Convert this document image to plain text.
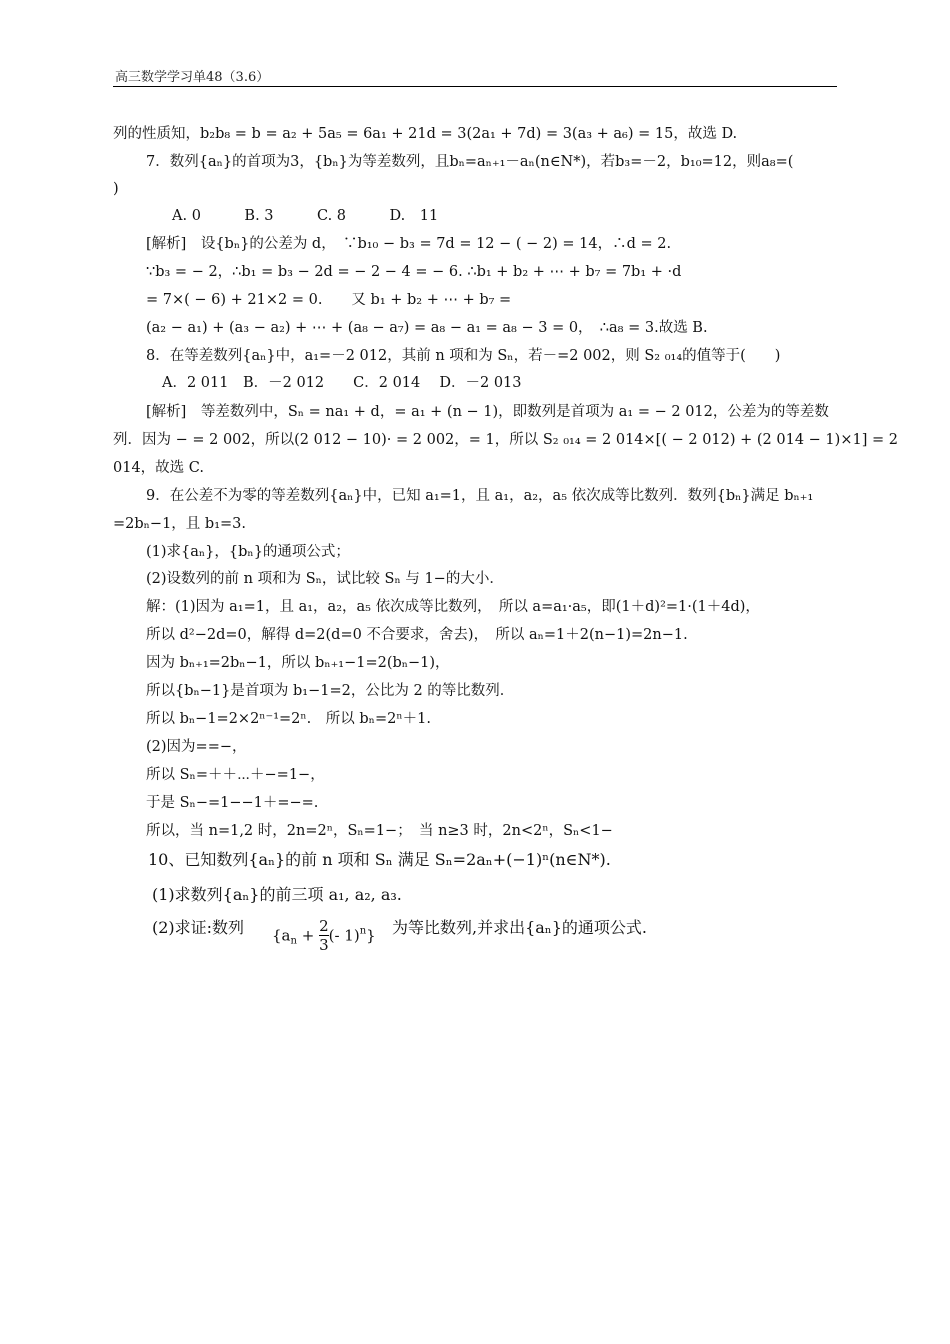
高三数学学习单48（3.6）
列的性质知，b₂b₈ = b = a₂ + 5a₅ = 6a₁ + 21d = 3(2a₁ + 7d) = 3(a₃ + a₆) = 15，故选 D.
7．数列{aₙ}的首项为3，{bₙ}为等差数列，且bₙ=aₙ₊₁－aₙ(n∈N*)，若b₃=－2，b₁₀=12，则a₈=(
)
A. 0　　　B. 3　　　C. 8　　　D.　11
[解析]　设{bₙ}的公差为 d，　∵b₁₀ − b₃ = 7d = 12 − ( − 2) = 14，∴d = 2.
∵b₃ = − 2，∴b₁ = b₃ − 2d = − 2 − 4 = − 6. ∴b₁ + b₂ + ⋯ + b₇ = 7b₁ + ·d
= 7×( − 6) + 21×2 = 0.　　又 b₁ + b₂ + ⋯ + b₇ =
(a₂ − a₁) + (a₃ − a₂) + ⋯ + (a₈ − a₇) = a₈ − a₁ = a₈ − 3 = 0，　∴a₈ = 3.故选 B.
8．在等差数列{aₙ}中，a₁=－2 012，其前 n 项和为 Sₙ，若－=2 002，则 S₂ ₀₁₄的值等于(　　)
A．2 011　B．－2 012　　C．2 014　 D．－2 013
[解析]　等差数列中，Sₙ = na₁ + d，= a₁ + (n − 1)，即数列是首项为 a₁ = − 2 012，公差为的等差数
列．因为 − = 2 002，所以(2 012 − 10)· = 2 002，= 1，所以 S₂ ₀₁₄ = 2 014×[( − 2 012) + (2 014 − 1)×1] = 2
014，故选 C.
9．在公差不为零的等差数列{aₙ}中，已知 a₁=1，且 a₁，a₂，a₅ 依次成等比数列．数列{bₙ}满足 bₙ₊₁
=2bₙ−1，且 b₁=3.
(1)求{aₙ}，{bₙ}的通项公式；
(2)设数列的前 n 项和为 Sₙ，试比较 Sₙ 与 1−的大小．
解：(1)因为 a₁=1，且 a₁，a₂，a₅ 依次成等比数列，　所以 a=a₁·a₅，即(1＋d)²=1·(1＋4d)，
所以 d²−2d=0，解得 d=2(d=0 不合要求，舍去)，　所以 aₙ=1＋2(n−1)=2n−1.
因为 bₙ₊₁=2bₙ−1，所以 bₙ₊₁−1=2(bₙ−1)，
所以{bₙ−1}是首项为 b₁−1=2，公比为 2 的等比数列．
所以 bₙ−1=2×2ⁿ⁻¹=2ⁿ.　所以 bₙ=2ⁿ＋1.
(2)因为==−，
所以 Sₙ=＋＋⋯＋−=1−，
于是 Sₙ−=1−−1＋=−=.
所以，当 n=1,2 时，2n=2ⁿ，Sₙ=1−；　当 n≥3 时，2n<2ⁿ，Sₙ<1−
10、已知数列{aₙ}的前 n 项和 Sₙ 满足 Sₙ=2aₙ+(−1)ⁿ(n∈N*).
(1)求数列{aₙ}的前三项 a₁, a₂, a₃.
(2)求证:数列	为等比数列,并求出{aₙ}的通项公式.
{$a_n + \frac{2}{3}(-$ 1)$^n$}
